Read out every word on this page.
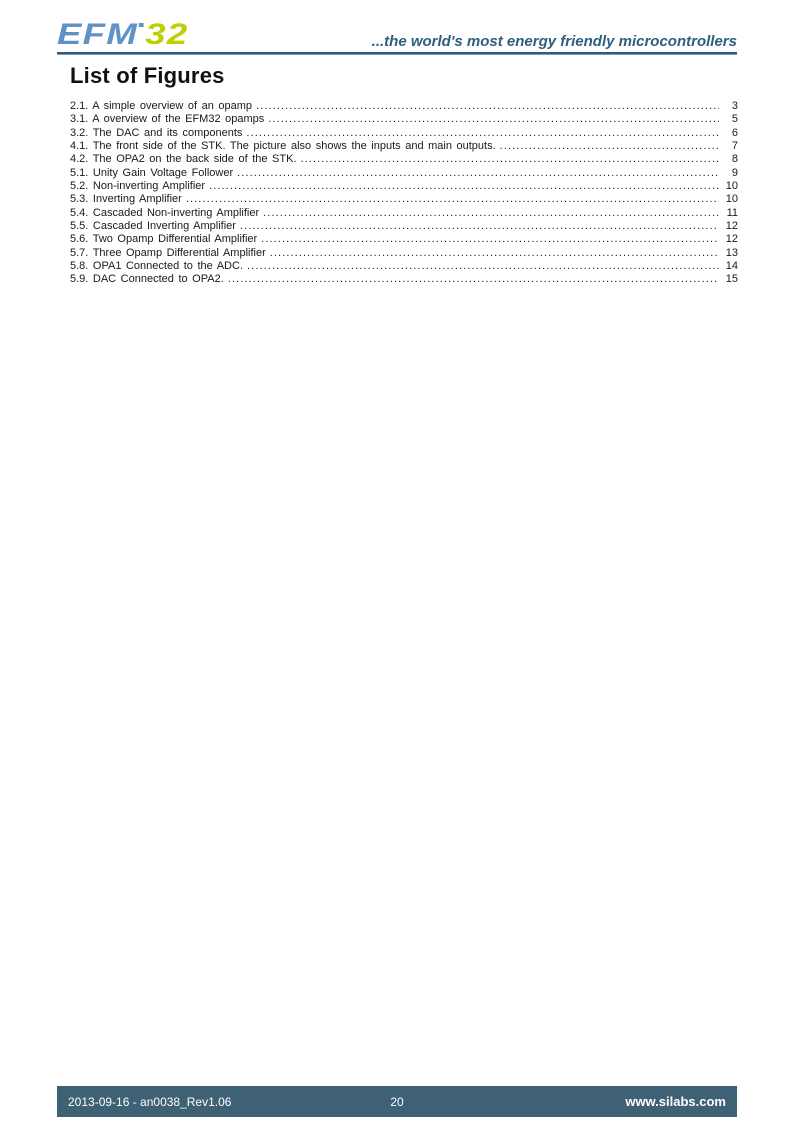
EFM 32	...the world's most energy friendly microcontrollers
List of Figures
2.1. A simple overview of an opamp .....	3
3.1. A overview of the EFM32 opamps .....	5
3.2. The DAC and its components .....	6
4.1. The front side of the STK. The picture also shows the inputs and main outputs. .....	7
4.2. The OPA2 on the back side of the STK. .....	8
5.1. Unity Gain Voltage Follower .....	9
5.2. Non-inverting Amplifier .....	10
5.3. Inverting Amplifier .....	10
5.4. Cascaded Non-inverting Amplifier .....	11
5.5. Cascaded Inverting Amplifier .....	12
5.6. Two Opamp Differential Amplifier .....	12
5.7. Three Opamp Differential Amplifier .....	13
5.8. OPA1 Connected to the ADC. .....	14
5.9. DAC Connected to OPA2. .....	15
2013-09-16 - an0038_Rev1.06	20	www.silabs.com
